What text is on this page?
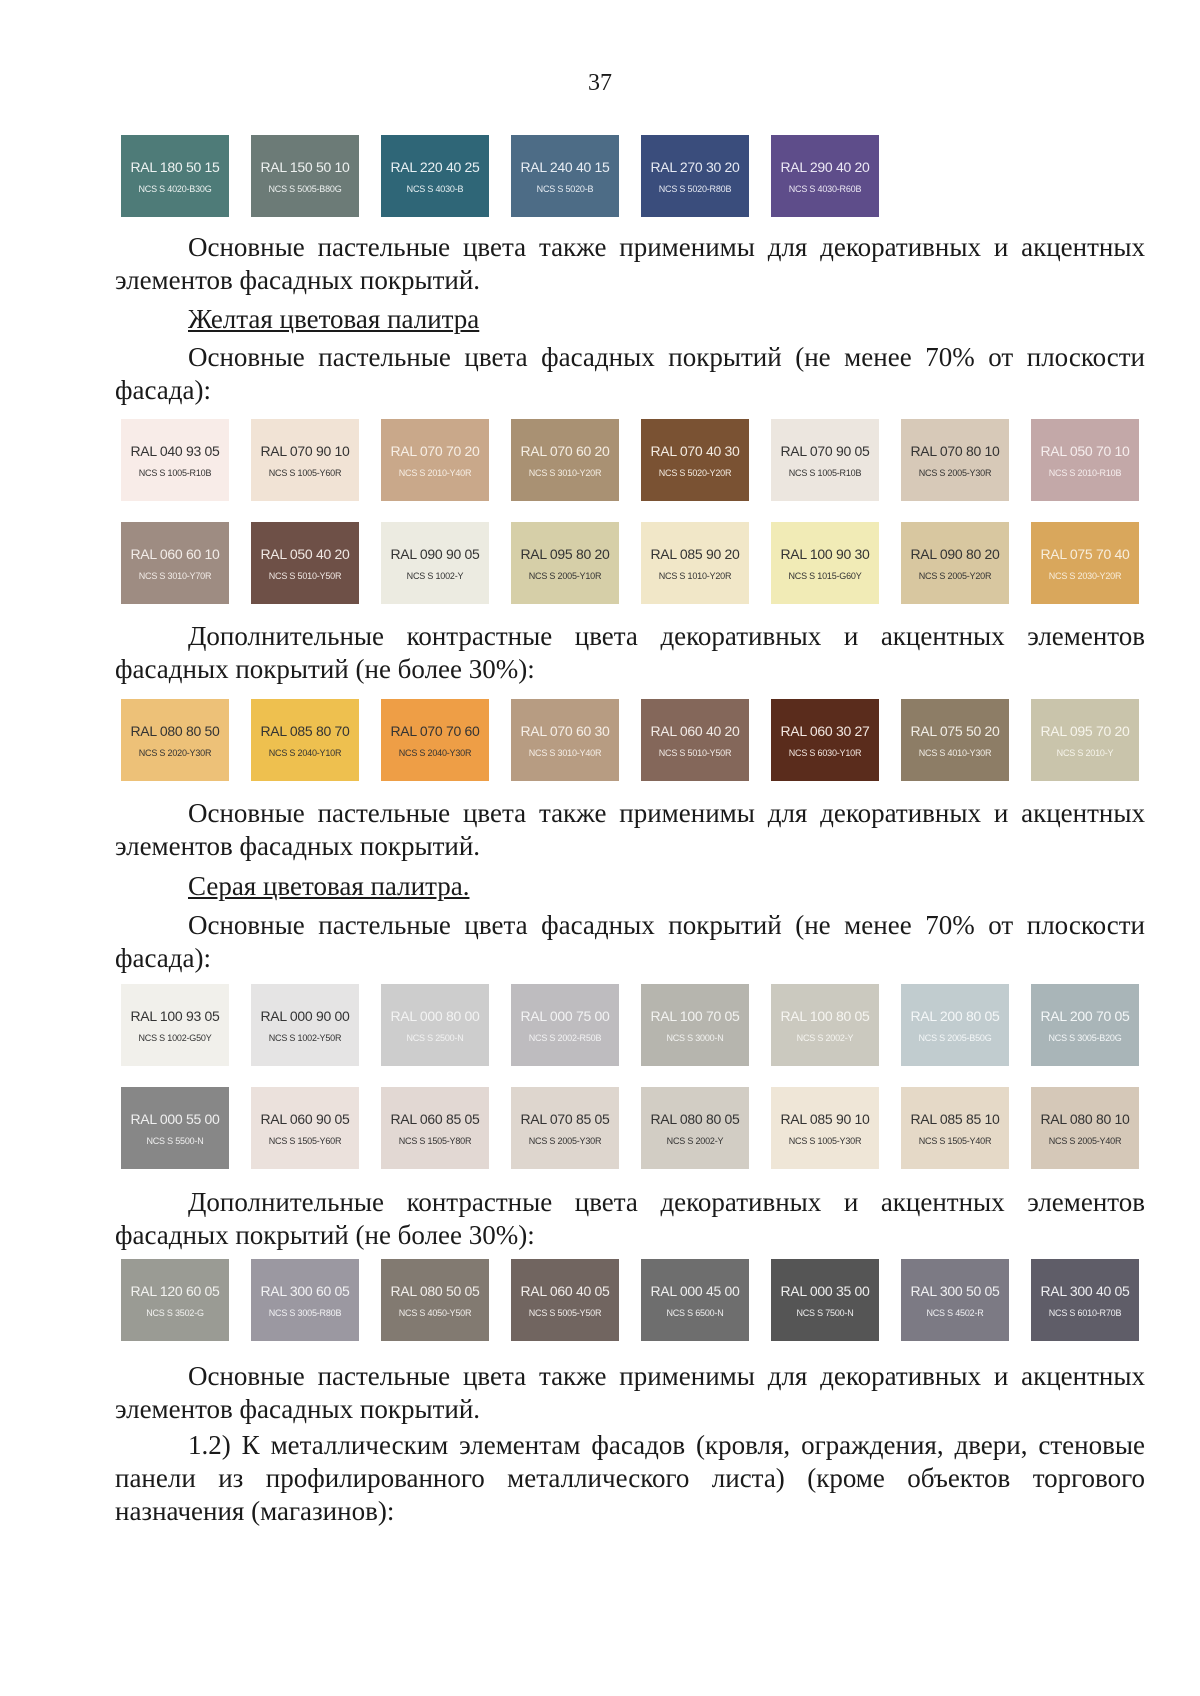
37
RAL 180 50 15
NCS S 4020-B30G
RAL 150 50 10
NCS S 5005-B80G
RAL 220 40 25
NCS S 4030-B
RAL 240 40 15
NCS S 5020-B
RAL 270 30 20
NCS S 5020-R80B
RAL 290 40 20
NCS S 4030-R60B

Основные пастельные цвета также применимы для декоративных и акцентных элементов фасадных покрытий.

Желтая цветовая палитра

Основные пастельные цвета фасадных покрытий (не менее 70% от плоскости фасада):

RAL 040 93 05
NCS S 1005-R10B
RAL 070 90 10
NCS S 1005-Y60R
RAL 070 70 20
NCS S 2010-Y40R
RAL 070 60 20
NCS S 3010-Y20R
RAL 070 40 30
NCS S 5020-Y20R
RAL 070 90 05
NCS S 1005-R10B
RAL 070 80 10
NCS S 2005-Y30R
RAL 050 70 10
NCS S 2010-R10B
RAL 060 60 10
NCS S 3010-Y70R
RAL 050 40 20
NCS S 5010-Y50R
RAL 090 90 05
NCS S 1002-Y
RAL 095 80 20
NCS S 2005-Y10R
RAL 085 90 20
NCS S 1010-Y20R
RAL 100 90 30
NCS S 1015-G60Y
RAL 090 80 20
NCS S 2005-Y20R
RAL 075 70 40
NCS S 2030-Y20R

Дополнительные контрастные цвета декоративных и акцентных элементов фасадных покрытий (не более 30%):

RAL 080 80 50
NCS S 2020-Y30R
RAL 085 80 70
NCS S 2040-Y10R
RAL 070 70 60
NCS S 2040-Y30R
RAL 070 60 30
NCS S 3010-Y40R
RAL 060 40 20
NCS S 5010-Y50R
RAL 060 30 27
NCS S 6030-Y10R
RAL 075 50 20
NCS S 4010-Y30R
RAL 095 70 20
NCS S 2010-Y

Основные пастельные цвета также применимы для декоративных и акцентных элементов фасадных покрытий.

Серая цветовая палитра.

Основные пастельные цвета фасадных покрытий (не менее 70% от плоскости фасада):

RAL 100 93 05
NCS S 1002-G50Y
RAL 000 90 00
NCS S 1002-Y50R
RAL 000 80 00
NCS S 2500-N
RAL 000 75 00
NCS S 2002-R50B
RAL 100 70 05
NCS S 3000-N
RAL 100 80 05
NCS S 2002-Y
RAL 200 80 05
NCS S 2005-B50G
RAL 200 70 05
NCS S 3005-B20G
RAL 000 55 00
NCS S 5500-N
RAL 060 90 05
NCS S 1505-Y60R
RAL 060 85 05
NCS S 1505-Y80R
RAL 070 85 05
NCS S 2005-Y30R
RAL 080 80 05
NCS S 2002-Y
RAL 085 90 10
NCS S 1005-Y30R
RAL 085 85 10
NCS S 1505-Y40R
RAL 080 80 10
NCS S 2005-Y40R

Дополнительные контрастные цвета декоративных и акцентных элементов фасадных покрытий (не более 30%):

RAL 120 60 05
NCS S 3502-G
RAL 300 60 05
NCS S 3005-R80B
RAL 080 50 05
NCS S 4050-Y50R
RAL 060 40 05
NCS S 5005-Y50R
RAL 000 45 00
NCS S 6500-N
RAL 000 35 00
NCS S 7500-N
RAL 300 50 05
NCS S 4502-R
RAL 300 40 05
NCS S 6010-R70B

Основные пастельные цвета также применимы для декоративных и акцентных элементов фасадных покрытий.

1.2) К металлическим элементам фасадов (кровля, ограждения, двери, стеновые панели из профилированного металлического листа) (кроме объектов торгового назначения (магазинов):
